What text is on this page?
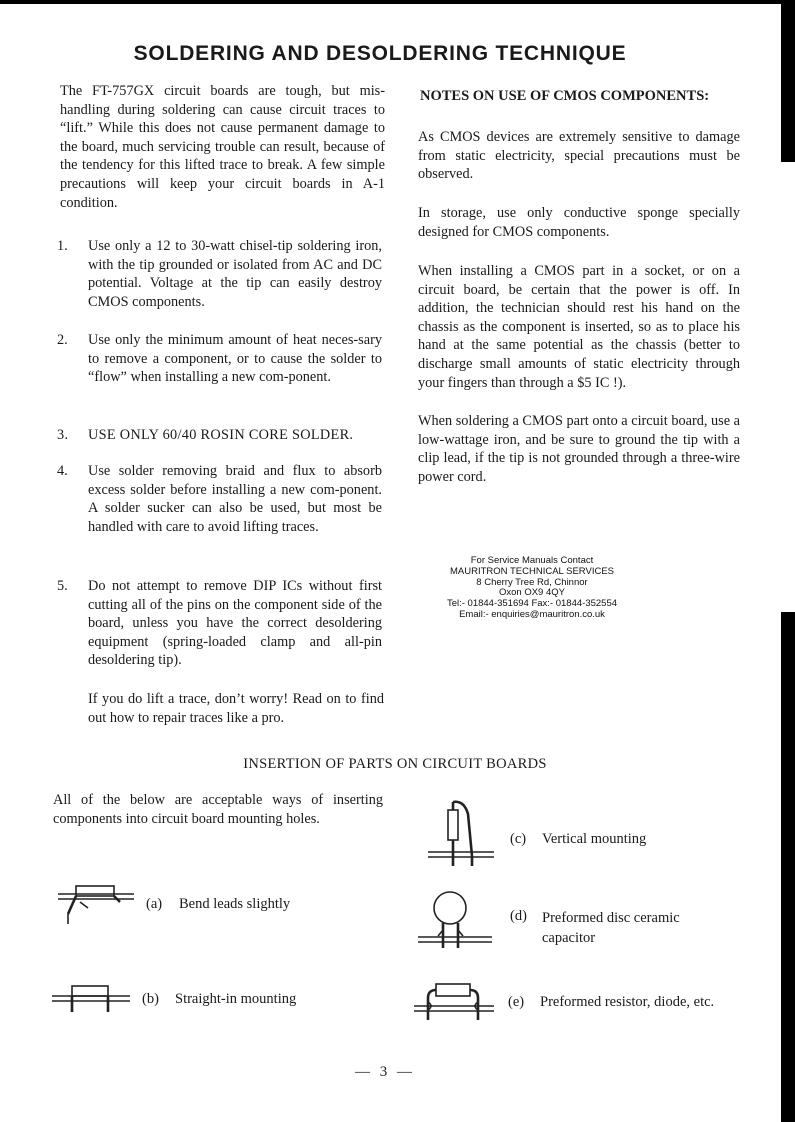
SOLDERING AND DESOLDERING TECHNIQUE

The FT-757GX circuit boards are tough, but mis-handling during soldering can cause circuit traces to “lift.” While this does not cause permanent damage to the board, much servicing trouble can result, because of the tendency for this lifted trace to break. A few simple precautions will keep your circuit boards in A-1 condition.

1. Use only a 12 to 30-watt chisel-tip soldering iron, with the tip grounded or isolated from AC and DC potential. Voltage at the tip can easily destroy CMOS components.

2. Use only the minimum amount of heat neces-sary to remove a component, or to cause the solder to “flow” when installing a new com-ponent.

3. USE ONLY 60/40 ROSIN CORE SOLDER.

4. Use solder removing braid and flux to absorb excess solder before installing a new com-ponent. A solder sucker can also be used, but most be handled with care to avoid lifting traces.

5. Do not attempt to remove DIP ICs without first cutting all of the pins on the component side of the board, unless you have the correct desoldering equipment (spring-loaded clamp and all-pin desoldering tip).

If you do lift a trace, don’t worry! Read on to find out how to repair traces like a pro.

NOTES ON USE OF CMOS COMPONENTS:

As CMOS devices are extremely sensitive to damage from static electricity, special precautions must be observed.

In storage, use only conductive sponge specially designed for CMOS components.

When installing a CMOS part in a socket, or on a circuit board, be certain that the power is off. In addition, the technician should rest his hand on the chassis as the component is inserted, so as to place his hand at the same potential as the chassis (better to discharge small amounts of static electricity through your fingers than through a $5 IC !).

When soldering a CMOS part onto a circuit board, use a low-wattage iron, and be sure to ground the tip with a clip lead, if the tip is not grounded through a three-wire power cord.

For Service Manuals Contact
MAURITRON TECHNICAL SERVICES
8 Cherry Tree Rd, Chinnor
Oxon OX9 4QY
Tel:- 01844-351694 Fax:- 01844-352554
Email:- enquiries@mauritron.co.uk
INSERTION OF PARTS ON CIRCUIT BOARDS

All of the below are acceptable ways of inserting components into circuit board mounting holes.

(a) Bend leads slightly
(b) Straight-in mounting
(c) Vertical mounting
(d) Preformed disc ceramic capacitor
(e) Preformed resistor, diode, etc.
— 3 —
